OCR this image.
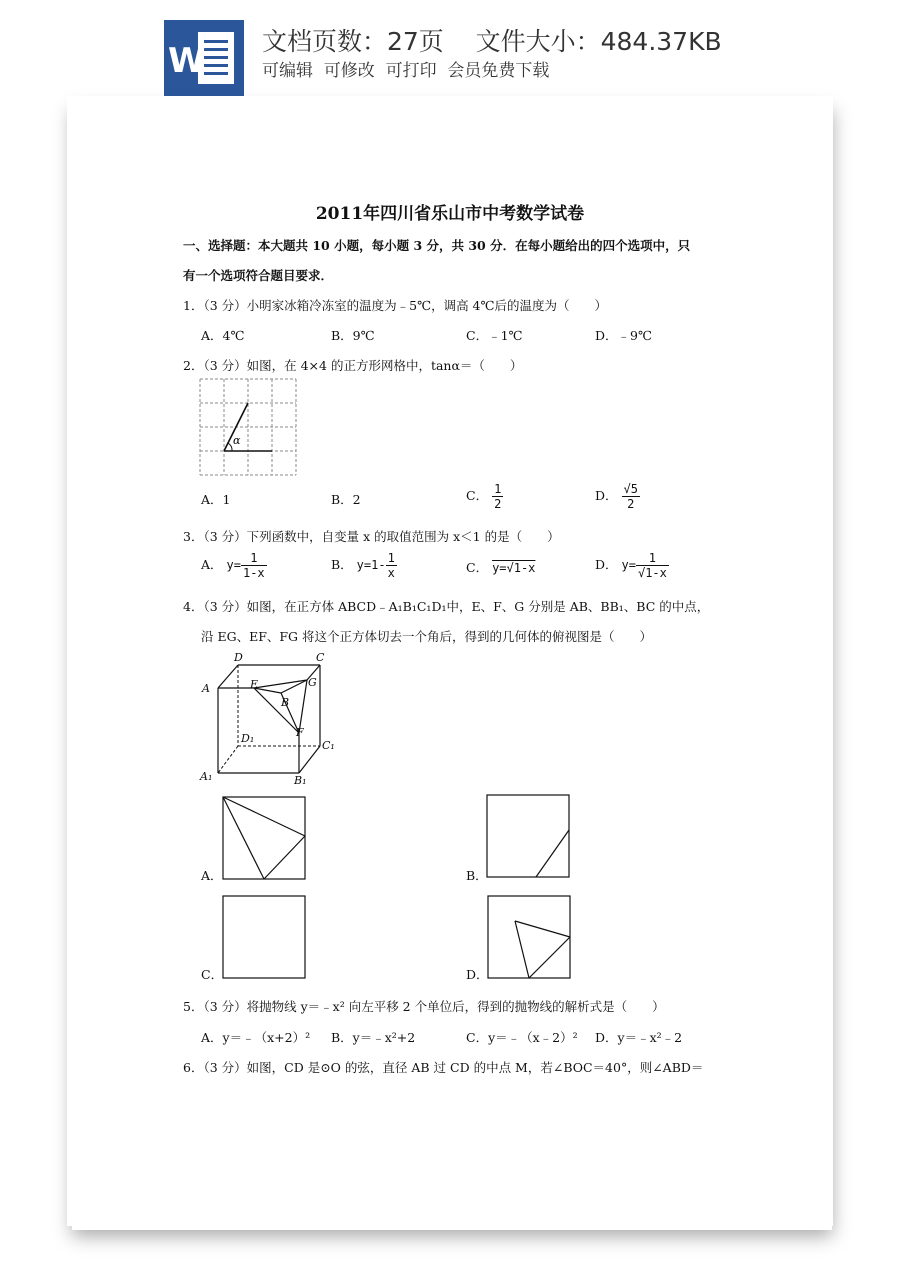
W 文档页数：27页 文件大小：484.37KB
可编辑  可修改  可打印  会员免费下载
2011年四川省乐山市中考数学试卷
一、选择题：本大题共 10 小题，每小题 3 分，共 30 分．在每小题给出的四个选项中，只
有一个选项符合题目要求．
1．（3 分）小明家冰箱冷冻室的温度为﹣5℃，调高 4℃后的温度为（　　）
A．4℃	B．9℃	C．﹣1℃	D．﹣9℃
2．（3 分）如图，在 4×4 的正方形网格中，tanα＝（　　）
α
A．1	B．2	C． $\frac{1}{2}$	D． $\frac{√5}{2}$
3．（3 分）下列函数中，自变量 x 的取值范围为 x＜1 的是（　　）
A． $y= \frac{1}{1-x}$	B． $y=1- \frac{1}{x}$	C． y=√1-x	D． $y= \frac{1}{√1-x}$
4．（3 分）如图，在正方体 ABCD﹣A₁B₁C₁D₁中，E、F、G 分别是 AB、BB₁、BC 的中点，
沿 EG、EF、FG 将这个正方体切去一个角后，得到的几何体的俯视图是（　　）
D	C
A	E	G
B
F
D₁
C₁
A₁	B₁
A．	B．
C．	D．
5．（3 分）将抛物线 y＝﹣x² 向左平移 2 个单位后，得到的抛物线的解析式是（　　）
A．y＝﹣（x+2）² B．y＝﹣x²+2	C．y＝﹣（x﹣2）² D．y＝﹣x²﹣2
6．（3 分）如图，CD 是⊙O 的弦，直径 AB 过 CD 的中点 M，若∠BOC＝40°，则∠ABD＝
